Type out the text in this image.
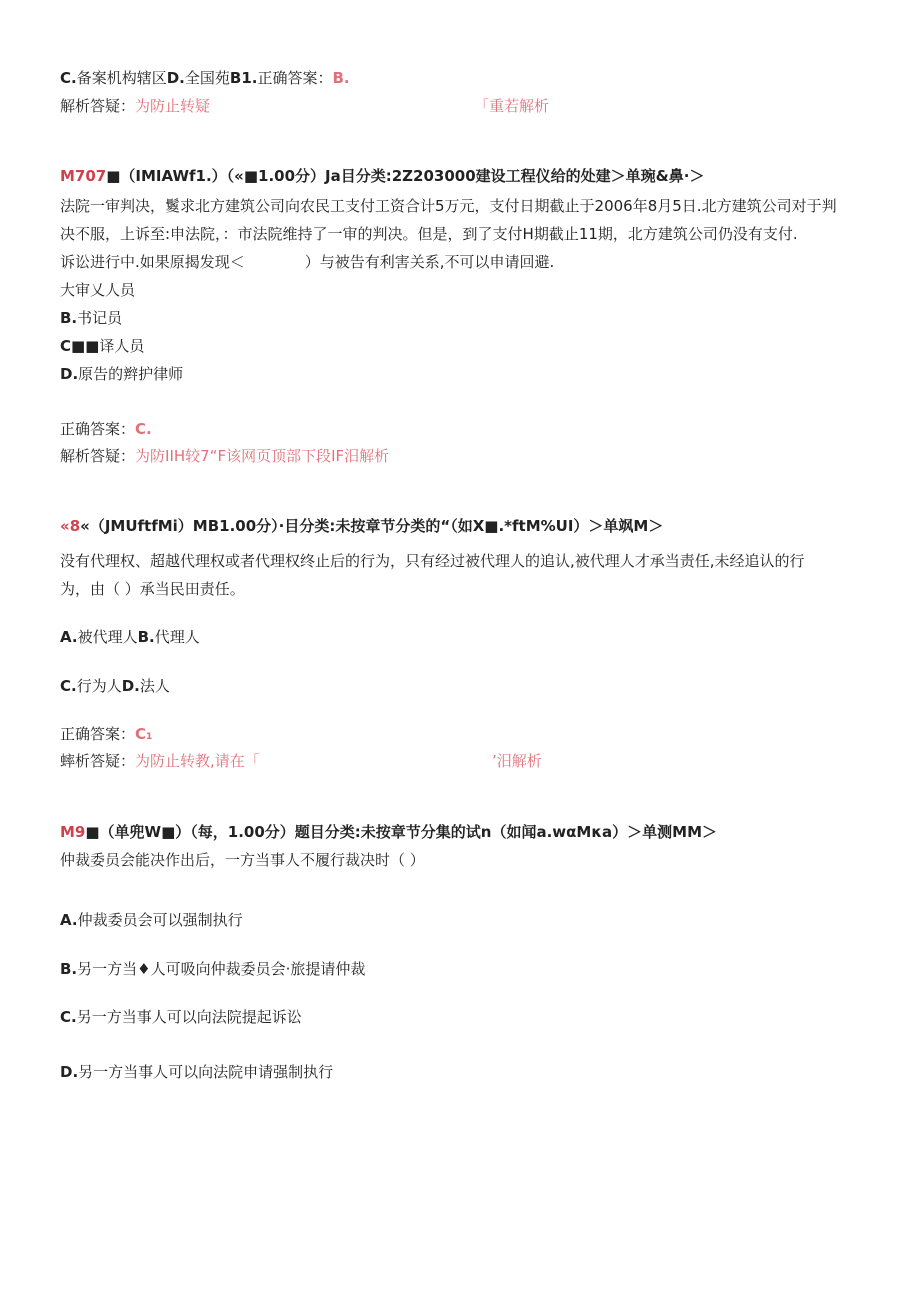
C.备案机构辖区D.全国苑B1.正确答案：B.

解析答疑：为防止转疑	「重若解析

M707■（IMIAWf1.）（«■1.00分）Ja目分类:2Z203000建设工程仪给的处建＞单琬&鼻·＞

法院一审判决，鬉求北方建筑公司向农民工支付工资合计5万元，支付日期截止于2006年8月5日.北方建筑公司对于判

决不服，上诉至:申法院，：市法院维持了一审的判决。但是，到了支付H期截止11期，北方建筑公司仍没有支付.

诉讼进行中.如果原揭发现＜　　　　）与被告有利害关系,不可以申请回避.

大审乂人员

B.书记员

C■■译人员

D.原告的辫护律师

正确答案：C.

解析答疑：为防IIH较7“F该网页顶部下段IF汨解析

«8«（JMUftfMi）MB1.00分）·目分类:未按章节分类的“（如X■.*ftM%UI）＞单飒M＞

没有代理权、超越代理权或者代理权终止后的行为，只有经过被代理人的追认,被代理人才承当责任,未经追认的行

为，由（ ）承当民田责任。

A.被代理人B.代理人

C.行为人D.法人

正确答案：C₁

蟀析答疑：为防止转教,请在「	’汨解析

M9■（单兜W■）（每，1.00分）题目分类:未按章节分集的试n（如闻a.wαMκa）＞单测MM＞

仲裁委员会能决作出后，一方当事人不履行裁决时（ ）

A.仲裁委员会可以强制执行

B.另一方当♦人可吸向仲裁委员会·旅提请仲裁

C.另一方当事人可以向法院提起诉讼

D.另一方当事人可以向法院申请强制执行
